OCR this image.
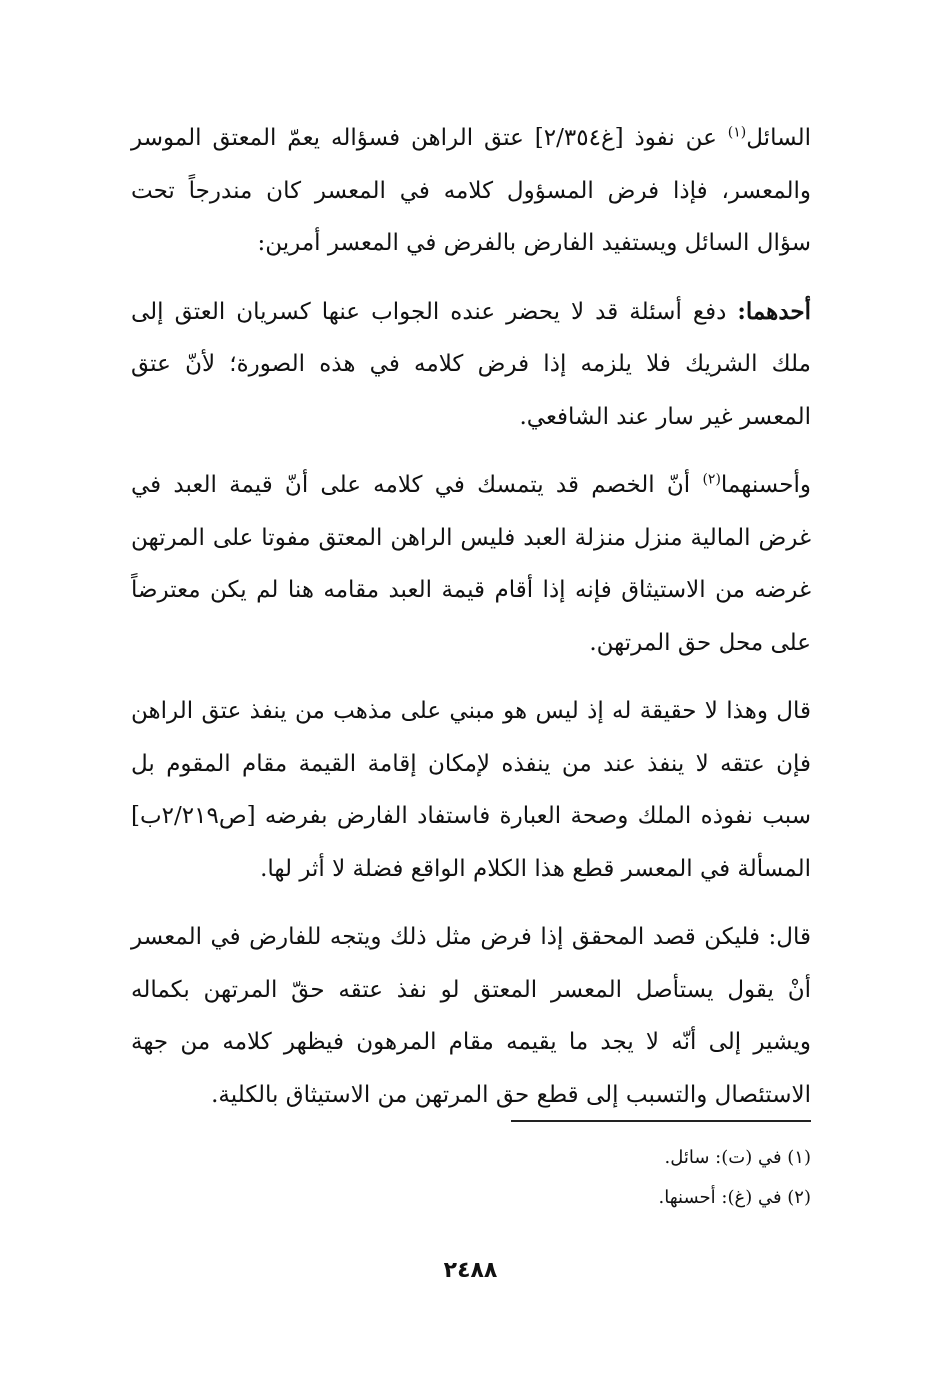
السائل$^{(١)}$ عن نفوذ [غ٢/٣٥٤] عتق الراهن فسؤاله يعمّ المعتق الموسر والمعسر، فإذا فرض المسؤول كلامه في المعسر كان مندرجاً تحت سؤال السائل ويستفيد الفارض بالفرض في المعسر أمرين:

أحدهما: دفع أسئلة قد لا يحضر عنده الجواب عنها كسريان العتق إلى ملك الشريك فلا يلزمه إذا فرض كلامه في هذه الصورة؛ لأنّ عتق المعسر غير سار عند الشافعي.

وأحسنهما$^{(٢)}$ أنّ الخصم قد يتمسك في كلامه على أنّ قيمة العبد في غرض المالية منزل منزلة العبد فليس الراهن المعتق مفوتا على المرتهن غرضه من الاستيثاق فإنه إذا أقام قيمة العبد مقامه هنا لم يكن معترضاً على محل حق المرتهن.

قال وهذا لا حقيقة له إذ ليس هو مبني على مذهب من ينفذ عتق الراهن فإن عتقه لا ينفذ عند من ينفذه لإمكان إقامة القيمة مقام المقوم بل سبب نفوذه الملك وصحة العبارة فاستفاد الفارض بفرضه [ص٢/٢١٩ب] المسألة في المعسر قطع هذا الكلام الواقع فضلة لا أثر لها.

قال: فليكن قصد المحقق إذا فرض مثل ذلك ويتجه للفارض في المعسر أنْ يقول يستأصل المعسر المعتق لو نفذ عتقه حقّ المرتهن بكماله ويشير إلى أنّه لا يجد ما يقيمه مقام المرهون فيظهر كلامه من جهة الاستئصال والتسبب إلى قطع حق المرتهن من الاستيثاق بالكلية.

(١) في (ت): سائل.

(٢) في (غ): أحسنها.

٢٤٨٨
